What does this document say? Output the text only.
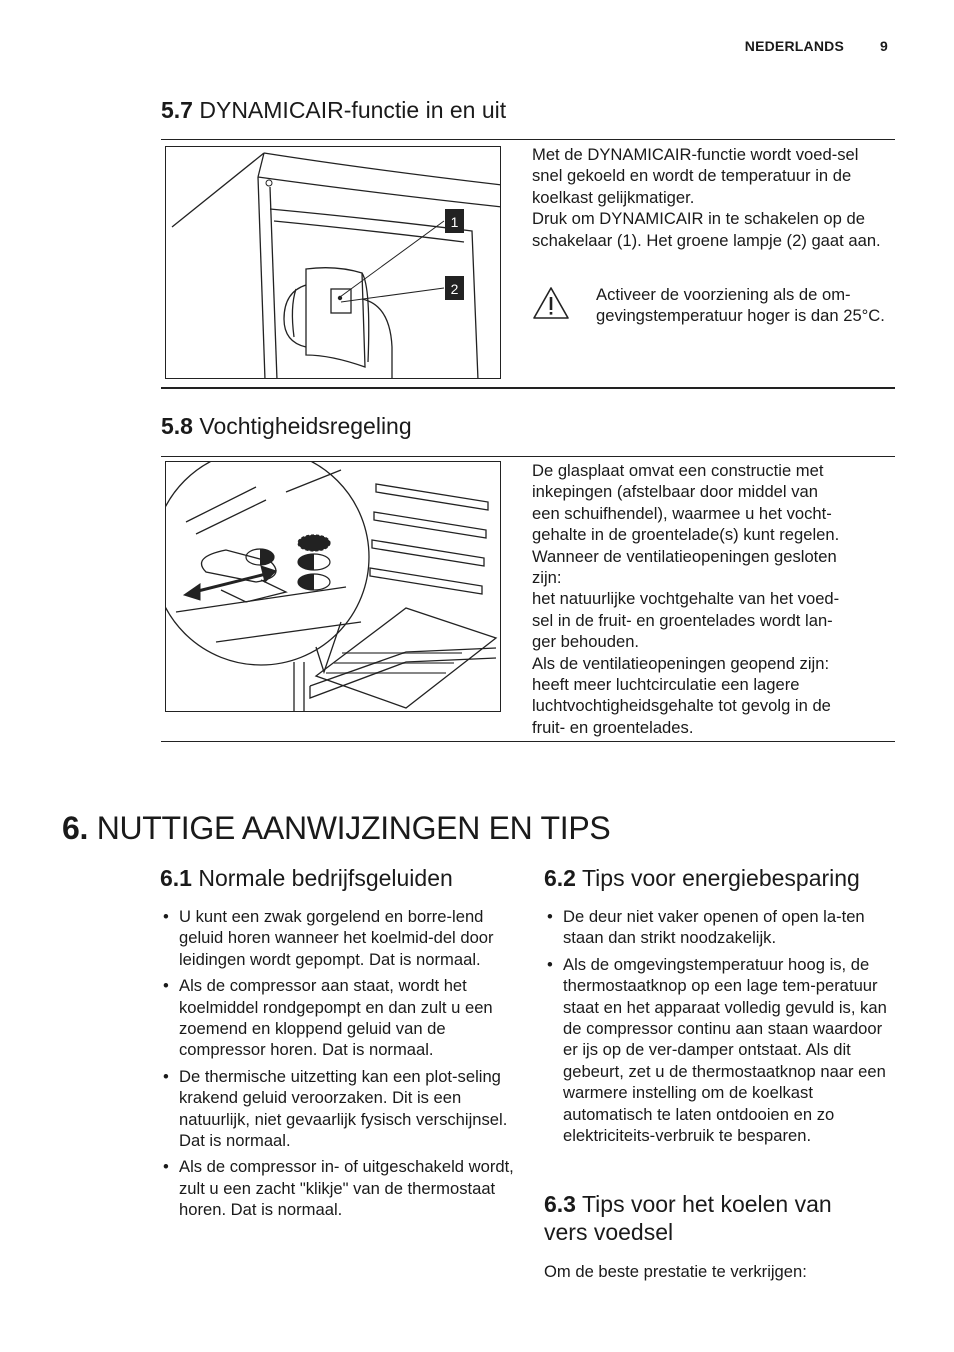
NEDERLANDS	9
5.7 DYNAMICAIR-functie in en uit
1
2

Met de DYNAMICAIR-functie wordt voed-sel snel gekoeld en wordt de temperatuur in de koelkast gelijkmatiger.

Druk om DYNAMICAIR in te schakelen op de schakelaar (1). Het groene lampje (2) gaat aan.

Activeer de voorziening als de om-gevingstemperatuur hoger is dan 25°C.
5.8 Vochtigheidsregeling

De glasplaat omvat een constructie met

inkepingen (afstelbaar door middel van

een schuifhendel), waarmee u het vocht-

gehalte in de groentelade(s) kunt regelen.

Wanneer de ventilatieopeningen gesloten

zijn:

het natuurlijke vochtgehalte van het voed-

sel in de fruit- en groentelades wordt lan-

ger behouden.

Als de ventilatieopeningen geopend zijn:

heeft meer luchtcirculatie een lagere

luchtvochtigheidsgehalte tot gevolg in de

fruit- en groentelades.

6. NUTTIGE AANWIJZINGEN EN TIPS
6.1 Normale bedrijfsgeluiden
• U kunt een zwak gorgelend en borre-lend geluid horen wanneer het koelmid-del door leidingen wordt gepompt. Dat is normaal.
• Als de compressor aan staat, wordt het koelmiddel rondgepompt en dan zult u een zoemend en kloppend geluid van de compressor horen. Dat is normaal.
• De thermische uitzetting kan een plot-seling krakend geluid veroorzaken. Dit is een natuurlijk, niet gevaarlijk fysisch verschijnsel. Dat is normaal.
• Als de compressor in- of uitgeschakeld wordt, zult u een zacht "klikje" van de thermostaat horen. Dat is normaal.
6.2 Tips voor energiebesparing
• De deur niet vaker openen of open la-ten staan dan strikt noodzakelijk.
• Als de omgevingstemperatuur hoog is, de thermostaatknop op een lage tem-peratuur staat en het apparaat volledig gevuld is, kan de compressor continu aan staan waardoor er ijs op de ver-damper ontstaat. Als dit gebeurt, zet u de thermostaatknop naar een warmere instelling om de koelkast automatisch te laten ontdooien en zo elektriciteits-verbruik te besparen.
6.3 Tips voor het koelen van
vers voedsel
Om de beste prestatie te verkrijgen:
